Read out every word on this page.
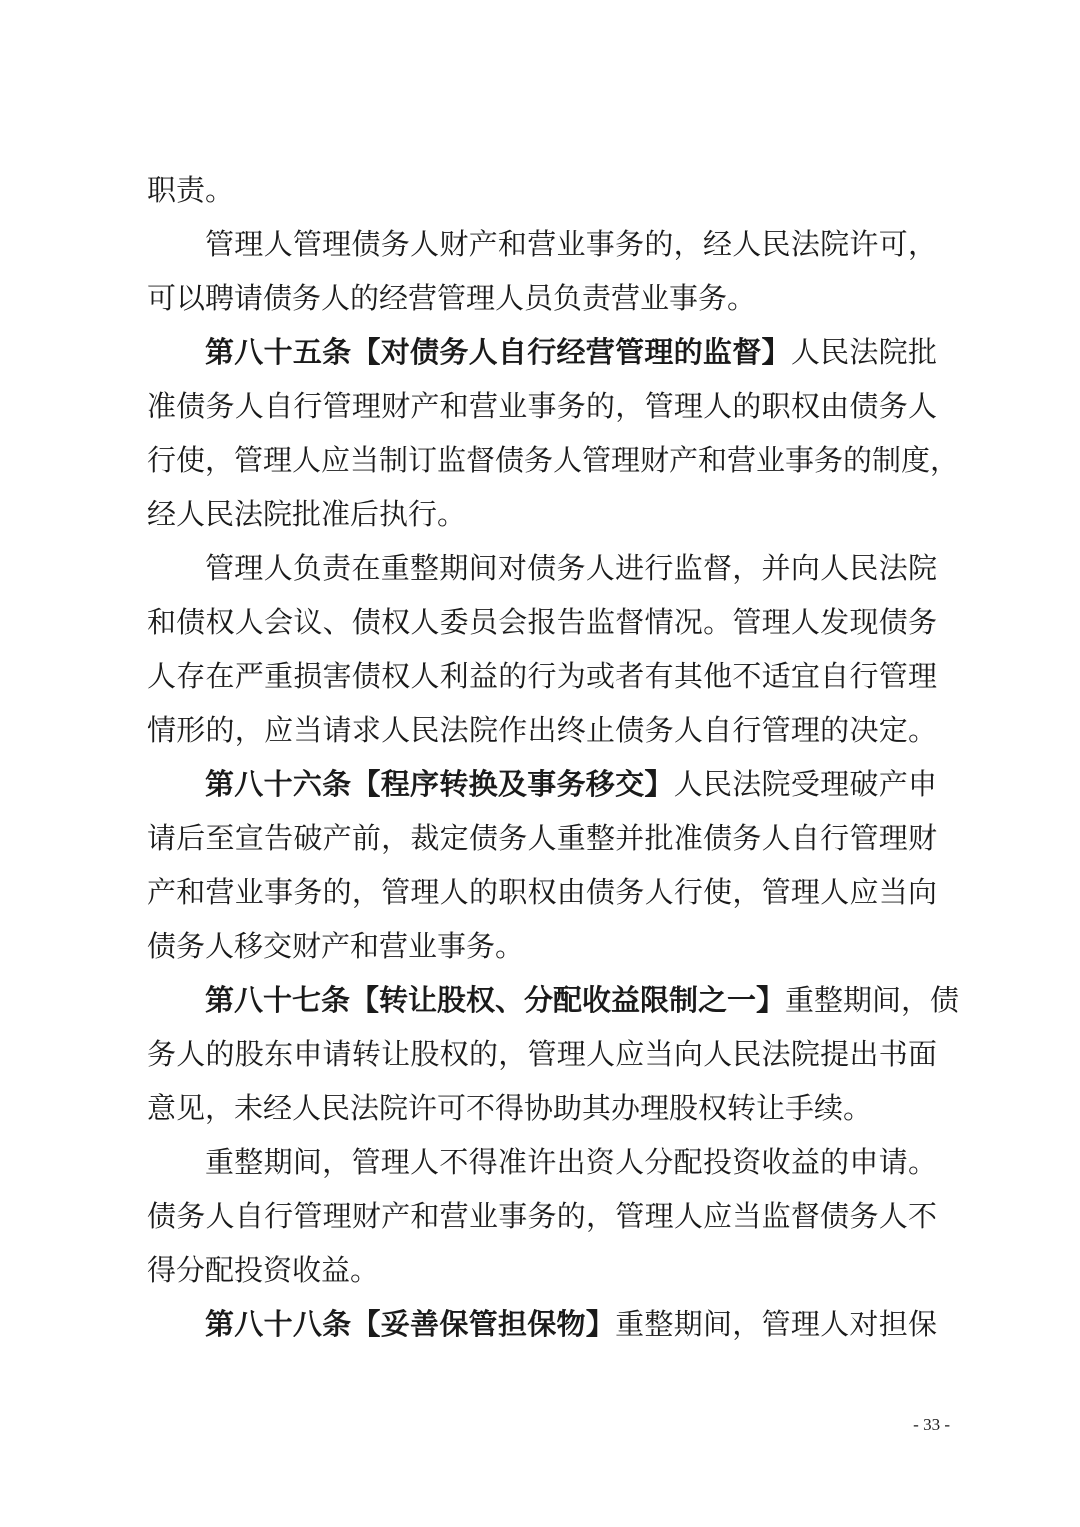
职责。
管理人管理债务人财产和营业事务的，经人民法院许可，
可以聘请债务人的经营管理人员负责营业事务。
第八十五条【对债务人自行经营管理的监督】人民法院批
准债务人自行管理财产和营业事务的，管理人的职权由债务人
行使，管理人应当制订监督债务人管理财产和营业事务的制度，
经人民法院批准后执行。
管理人负责在重整期间对债务人进行监督，并向人民法院
和债权人会议、债权人委员会报告监督情况。管理人发现债务
人存在严重损害债权人利益的行为或者有其他不适宜自行管理
情形的，应当请求人民法院作出终止债务人自行管理的决定。
第八十六条【程序转换及事务移交】人民法院受理破产申
请后至宣告破产前，裁定债务人重整并批准债务人自行管理财
产和营业事务的，管理人的职权由债务人行使，管理人应当向
债务人移交财产和营业事务。
第八十七条【转让股权、分配收益限制之一】重整期间，债
务人的股东申请转让股权的，管理人应当向人民法院提出书面
意见，未经人民法院许可不得协助其办理股权转让手续。
重整期间，管理人不得准许出资人分配投资收益的申请。
债务人自行管理财产和营业事务的，管理人应当监督债务人不
得分配投资收益。
第八十八条【妥善保管担保物】重整期间，管理人对担保
- 33 -
